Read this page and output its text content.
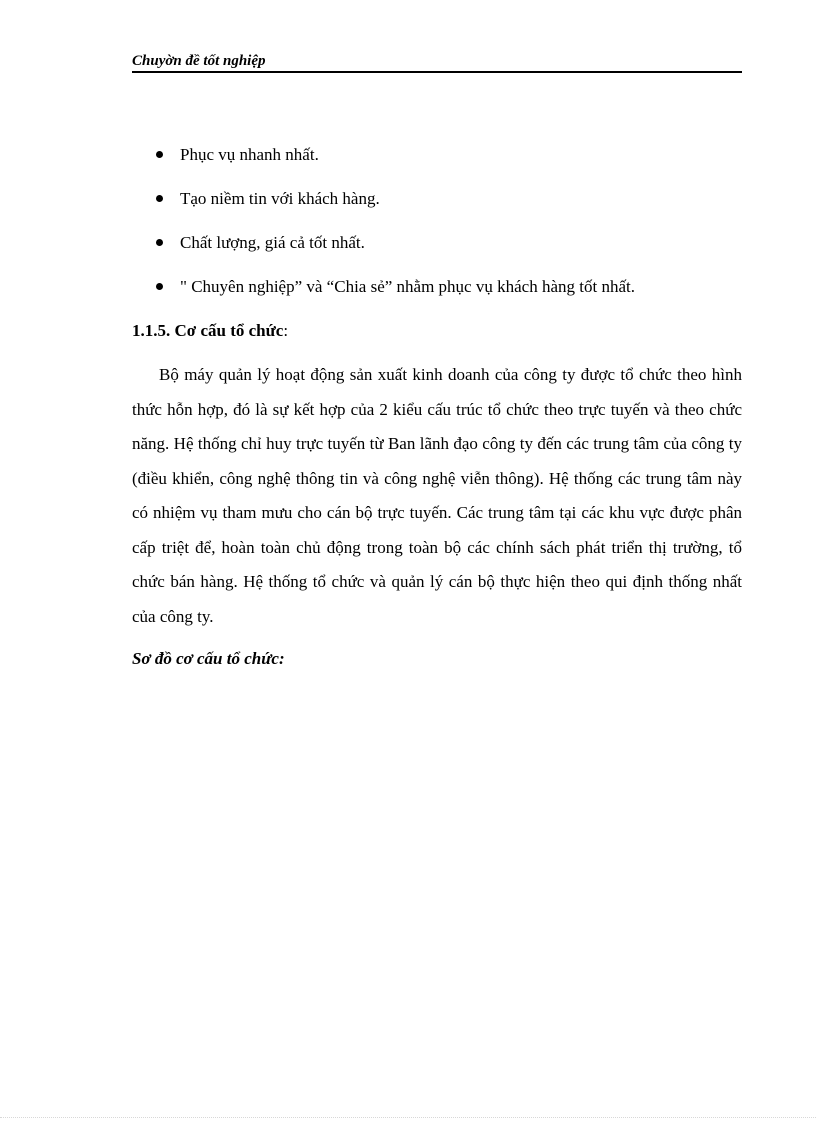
Chuyờn đề tốt nghiệp
Phục vụ nhanh nhất.
Tạo niềm tin với khách hàng.
Chất lượng, giá cả tốt nhất.
" Chuyên nghiệp” và “Chia sẻ” nhằm phục vụ khách hàng tốt nhất.
1.1.5. Cơ cấu tổ chức:

Bộ máy quản lý hoạt động sản xuất kinh doanh của công ty được tổ chức theo hình thức hỗn hợp, đó là sự kết hợp của 2 kiểu cấu trúc tổ chức theo trực tuyến và theo chức năng. Hệ thống chỉ huy trực tuyến từ Ban lãnh đạo công ty đến các trung tâm của công ty (điều khiển, công nghệ thông tin và công nghệ viễn thông). Hệ thống các trung tâm này có nhiệm vụ tham mưu cho cán bộ trực tuyến. Các trung tâm tại các khu vực được phân cấp triệt để, hoàn toàn chủ động trong toàn bộ các chính sách phát triển thị trường, tổ chức bán hàng. Hệ thống tổ chức và quản lý cán bộ thực hiện theo qui định thống nhất của công ty.

Sơ đồ cơ cấu tổ chức:
